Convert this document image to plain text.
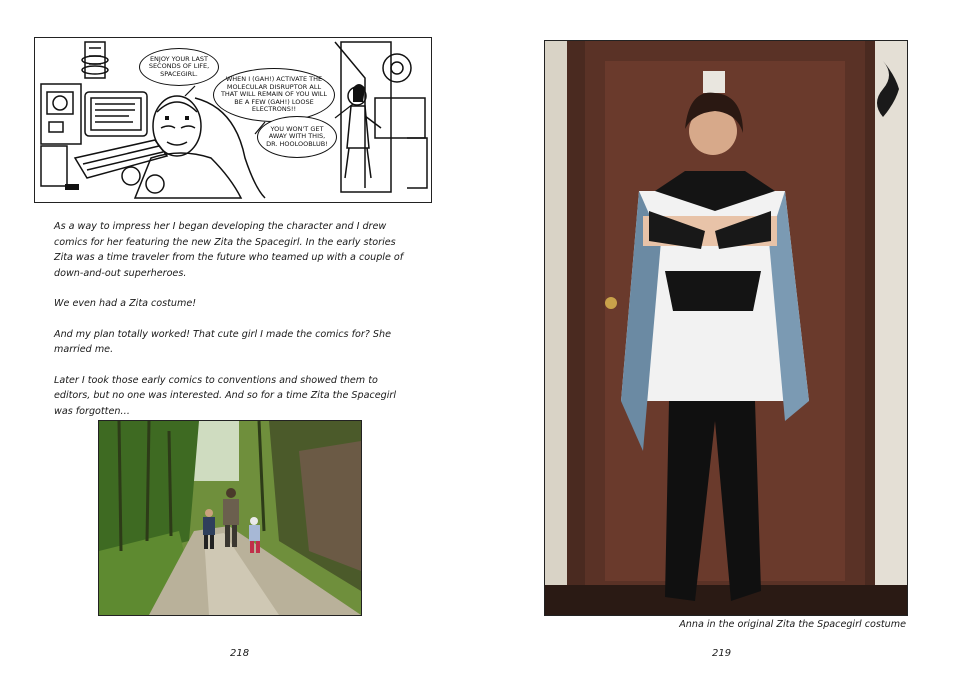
ENJOY YOUR LAST SECONDS OF LIFE, SPACEGIRL.
WHEN I (GAH!) ACTIVATE THE MOLECULAR DISRUPTOR ALL THAT WILL REMAIN OF YOU WILL BE A FEW (GAH!) LOOSE ELECTRONS!!
YOU WON'T GET AWAY WITH THIS, DR. HOOLOOBLUB!

As a way to impress her I began developing the character and I drew comics for her featuring the new Zita the Spacegirl. In the early stories Zita was a time traveler from the future who teamed up with a couple of down-and-out superheroes.

We even had a Zita costume!

And my plan totally worked! That cute girl I made the comics for? She married me.

Later I took those early comics to conventions and showed them to editors, but no one was interested. And so for a time Zita the Spacegirl was forgotten…

218
Anna in the original Zita the Spacegirl costume
219
